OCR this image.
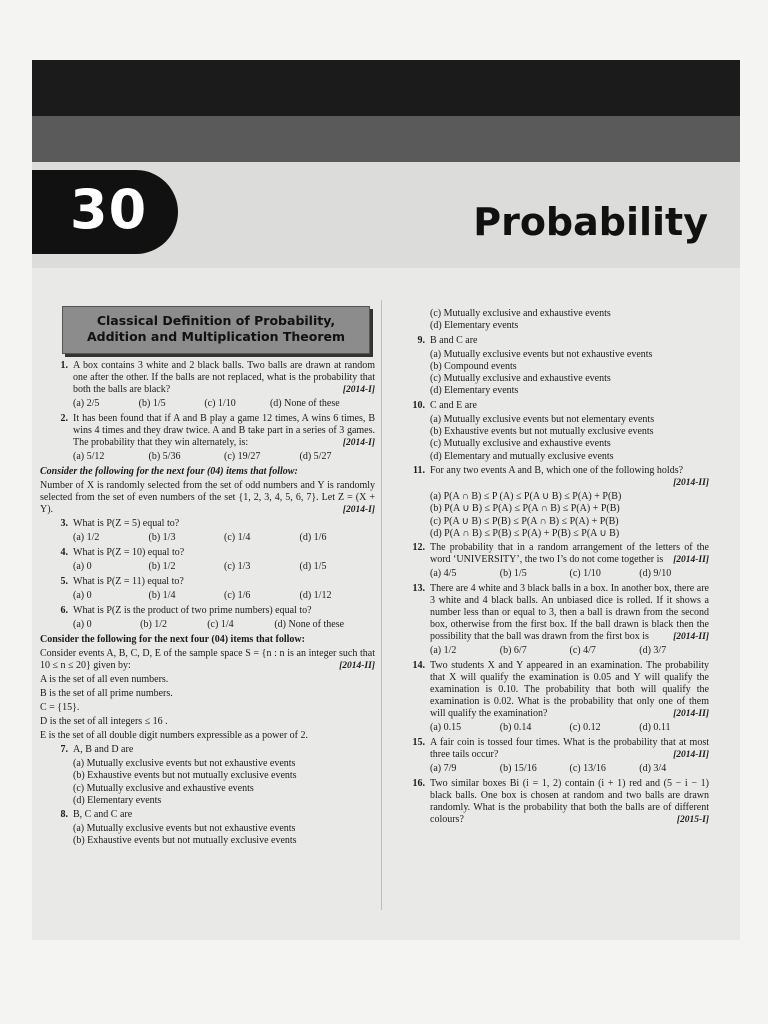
30	Probability
Classical Definition of Probability,
Addition and Multiplication Theorem
1. A box contains 3 white and 2 black balls. Two balls are drawn at random one after the other. If the balls are not replaced, what is the probability that both the balls are black?	[2014-I]
(a) 2/5	(b) 1/5	(c) 1/10	(d) None of these
2. It has been found that if A and B play a game 12 times, A wins 6 times, B wins 4 times and they draw twice. A and B take part in a series of 3 games. The probability that they win alternately, is:	[2014-I]
(a) 5/12	(b) 5/36	(c) 19/27	(d) 5/27
Consider the following for the next four (04) items that follow:
Number of X is randomly selected from the set of odd numbers and Y is randomly selected from the set of even numbers of the set {1, 2, 3, 4, 5, 6, 7}. Let Z = (X + Y).	[2014-I]
3. What is P(Z = 5) equal to?
(a) 1/2	(b) 1/3	(c) 1/4	(d) 1/6
4. What is P(Z = 10) equal to?
(a) 0	(b) 1/2	(c) 1/3	(d) 1/5
5. What is P(Z = 11) equal to?
(a) 0	(b) 1/4	(c) 1/6	(d) 1/12
6. What is P(Z is the product of two prime numbers) equal to?
(a) 0	(b) 1/2	(c) 1/4	(d) None of these
Consider the following for the next four (04) items that follow:
Consider events A, B, C, D, E of the sample space S = {n : n is an integer such that 10 ≤ n ≤ 20} given by:	[2014-II]
A is the set of all even numbers.
B is the set of all prime numbers.
C = {15}.
D is the set of all integers ≤ 16 .
E is the set of all double digit numbers expressible as a power of 2.
7. A, B and D are
(a) Mutually exclusive events but not exhaustive events
(b) Exhaustive events but not mutually exclusive events
(c) Mutually exclusive and exhaustive events
(d) Elementary events
8. B, C and C are
(a) Mutually exclusive events but not exhaustive events
(b) Exhaustive events but not mutually exclusive events
(c) Mutually exclusive and exhaustive events
(d) Elementary events
9. B and C are
(a) Mutually exclusive events but not exhaustive events
(b) Compound events
(c) Mutually exclusive and exhaustive events
(d) Elementary events
10. C and E are
(a) Mutually exclusive events but not elementary events
(b) Exhaustive events but not mutually exclusive events
(c) Mutually exclusive and exhaustive events
(d) Elementary and mutually exclusive events
11. For any two events A and B, which one of the following holds?
[2014-II]
(a) P(A ∩ B) ≤ P (A) ≤ P(A ∪ B) ≤ P(A) + P(B)
(b) P(A ∪ B) ≤ P(A) ≤ P(A ∩ B) ≤ P(A) + P(B)
(c) P(A ∪ B) ≤ P(B) ≤ P(A ∩ B) ≤ P(A) + P(B)
(d) P(A ∩ B) ≤ P(B) ≤ P(A) + P(B) ≤ P(A ∪ B)
12. The probability that in a random arrangement of the letters of the word ‘UNIVERSITY’, the two I’s do not come together is [2014-II]
(a) 4/5	(b) 1/5	(c) 1/10	(d) 9/10
13. There are 4 white and 3 black balls in a box. In another box, there are 3 white and 4 black balls. An unbiased dice is rolled. If it shows a number less than or equal to 3, then a ball is drawn from the second box, otherwise from the first box. If the ball drawn is black then the possibility that the ball was drawn from the first box is	[2014-II]
(a) 1/2	(b) 6/7	(c) 4/7	(d) 3/7
14. Two students X and Y appeared in an examination. The probability that X will qualify the examination is 0.05 and Y will qualify the examination is 0.10. The probability that both will qualify the examination is 0.02. What is the probability that only one of them will qualify the examination?	[2014-II]
(a) 0.15	(b) 0.14	(c) 0.12	(d) 0.11
15. A fair coin is tossed four times. What is the probability that at most three tails occur?	[2014-II]
(a) 7/9	(b) 15/16	(c) 13/16	(d) 3/4
16. Two similar boxes Bi (i = 1, 2) contain (i + 1) red and (5 − i − 1) black balls. One box is chosen at random and two balls are drawn randomly. What is the probability that both the balls are of different colours?	[2015-I]
